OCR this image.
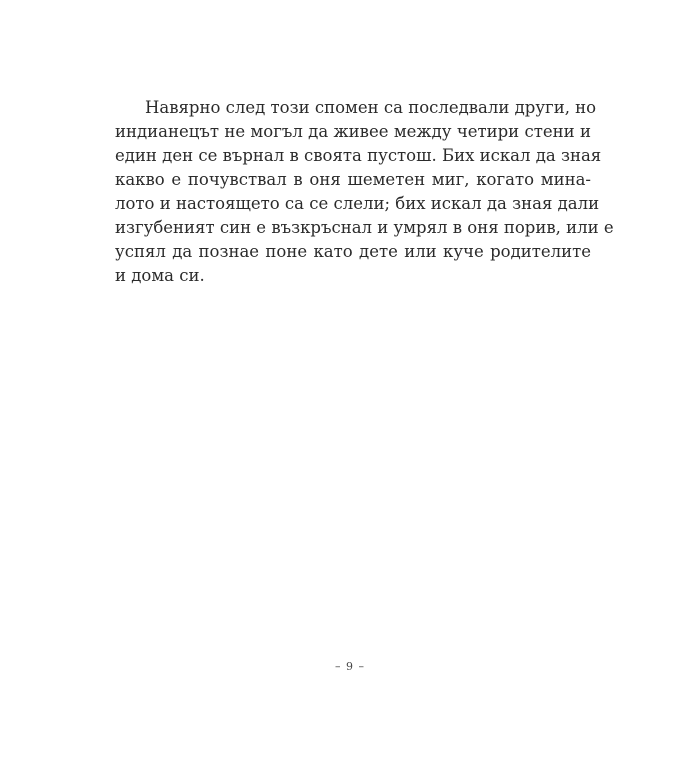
Навярно след този спомен са последвали други, но
индианецът не могъл да живее между четири стени и
един ден се върнал в своята пустош. Бих искал да зная
какво е почувствал в оня шеметен миг, когато мина-
лото и настоящето са се слели; бих искал да зная дали
изгубеният син е възкръснал и умрял в оня порив, или е
успял да познае поне като дете или куче родителите
и дома си.

– 9 –
